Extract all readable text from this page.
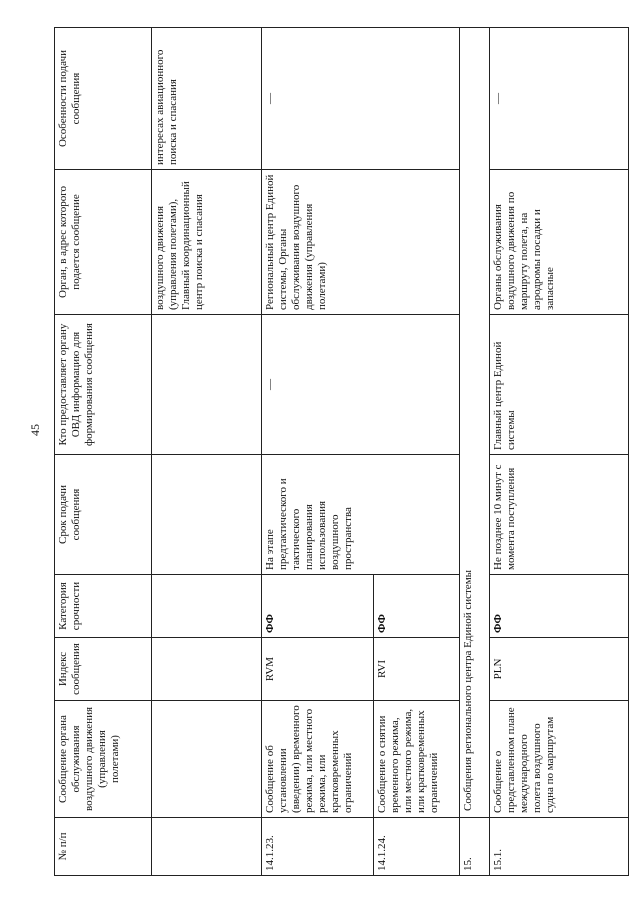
45
№ п/п	Сообщение органа обслуживания воздушного движения (управления полетами)	Индекс сообщения	Категория срочности	Срок подачи сообщения	Кто предоставляет органу ОВД информацию для формирования сообщения	Орган, в адрес которого подается сообщение	Особенности подачи сообщения
						воздушного движения (управления полетами), Главный координационный центр поиска и спасания	интересах авиационного поиска и спасания
14.1.23.	Сообщение об установлении (введении) временного режима, или местного режима, или кратковременных ограничений	RVM	ФФ	На этапе предтактического и тактического планирования использования воздушного пространства	—	Региональный центр Единой системы, Органы обслуживания воздушного движения (управления полетами)	—
14.1.24.	Сообщение о снятии временного режима, или местного режима, или кратковременных ограничений	RVI	ФФ				
15.	Сообщения регионального центра Единой системы						
15.1.	Сообщение о представленном плане международного полета воздушного судна по маршрутам	PLN	ФФ	Не позднее 10 минут с момента поступления	Главный центр Единой системы	Органы обслуживания воздушного движения по маршруту полета, на аэродромы посадки и запасные	—
